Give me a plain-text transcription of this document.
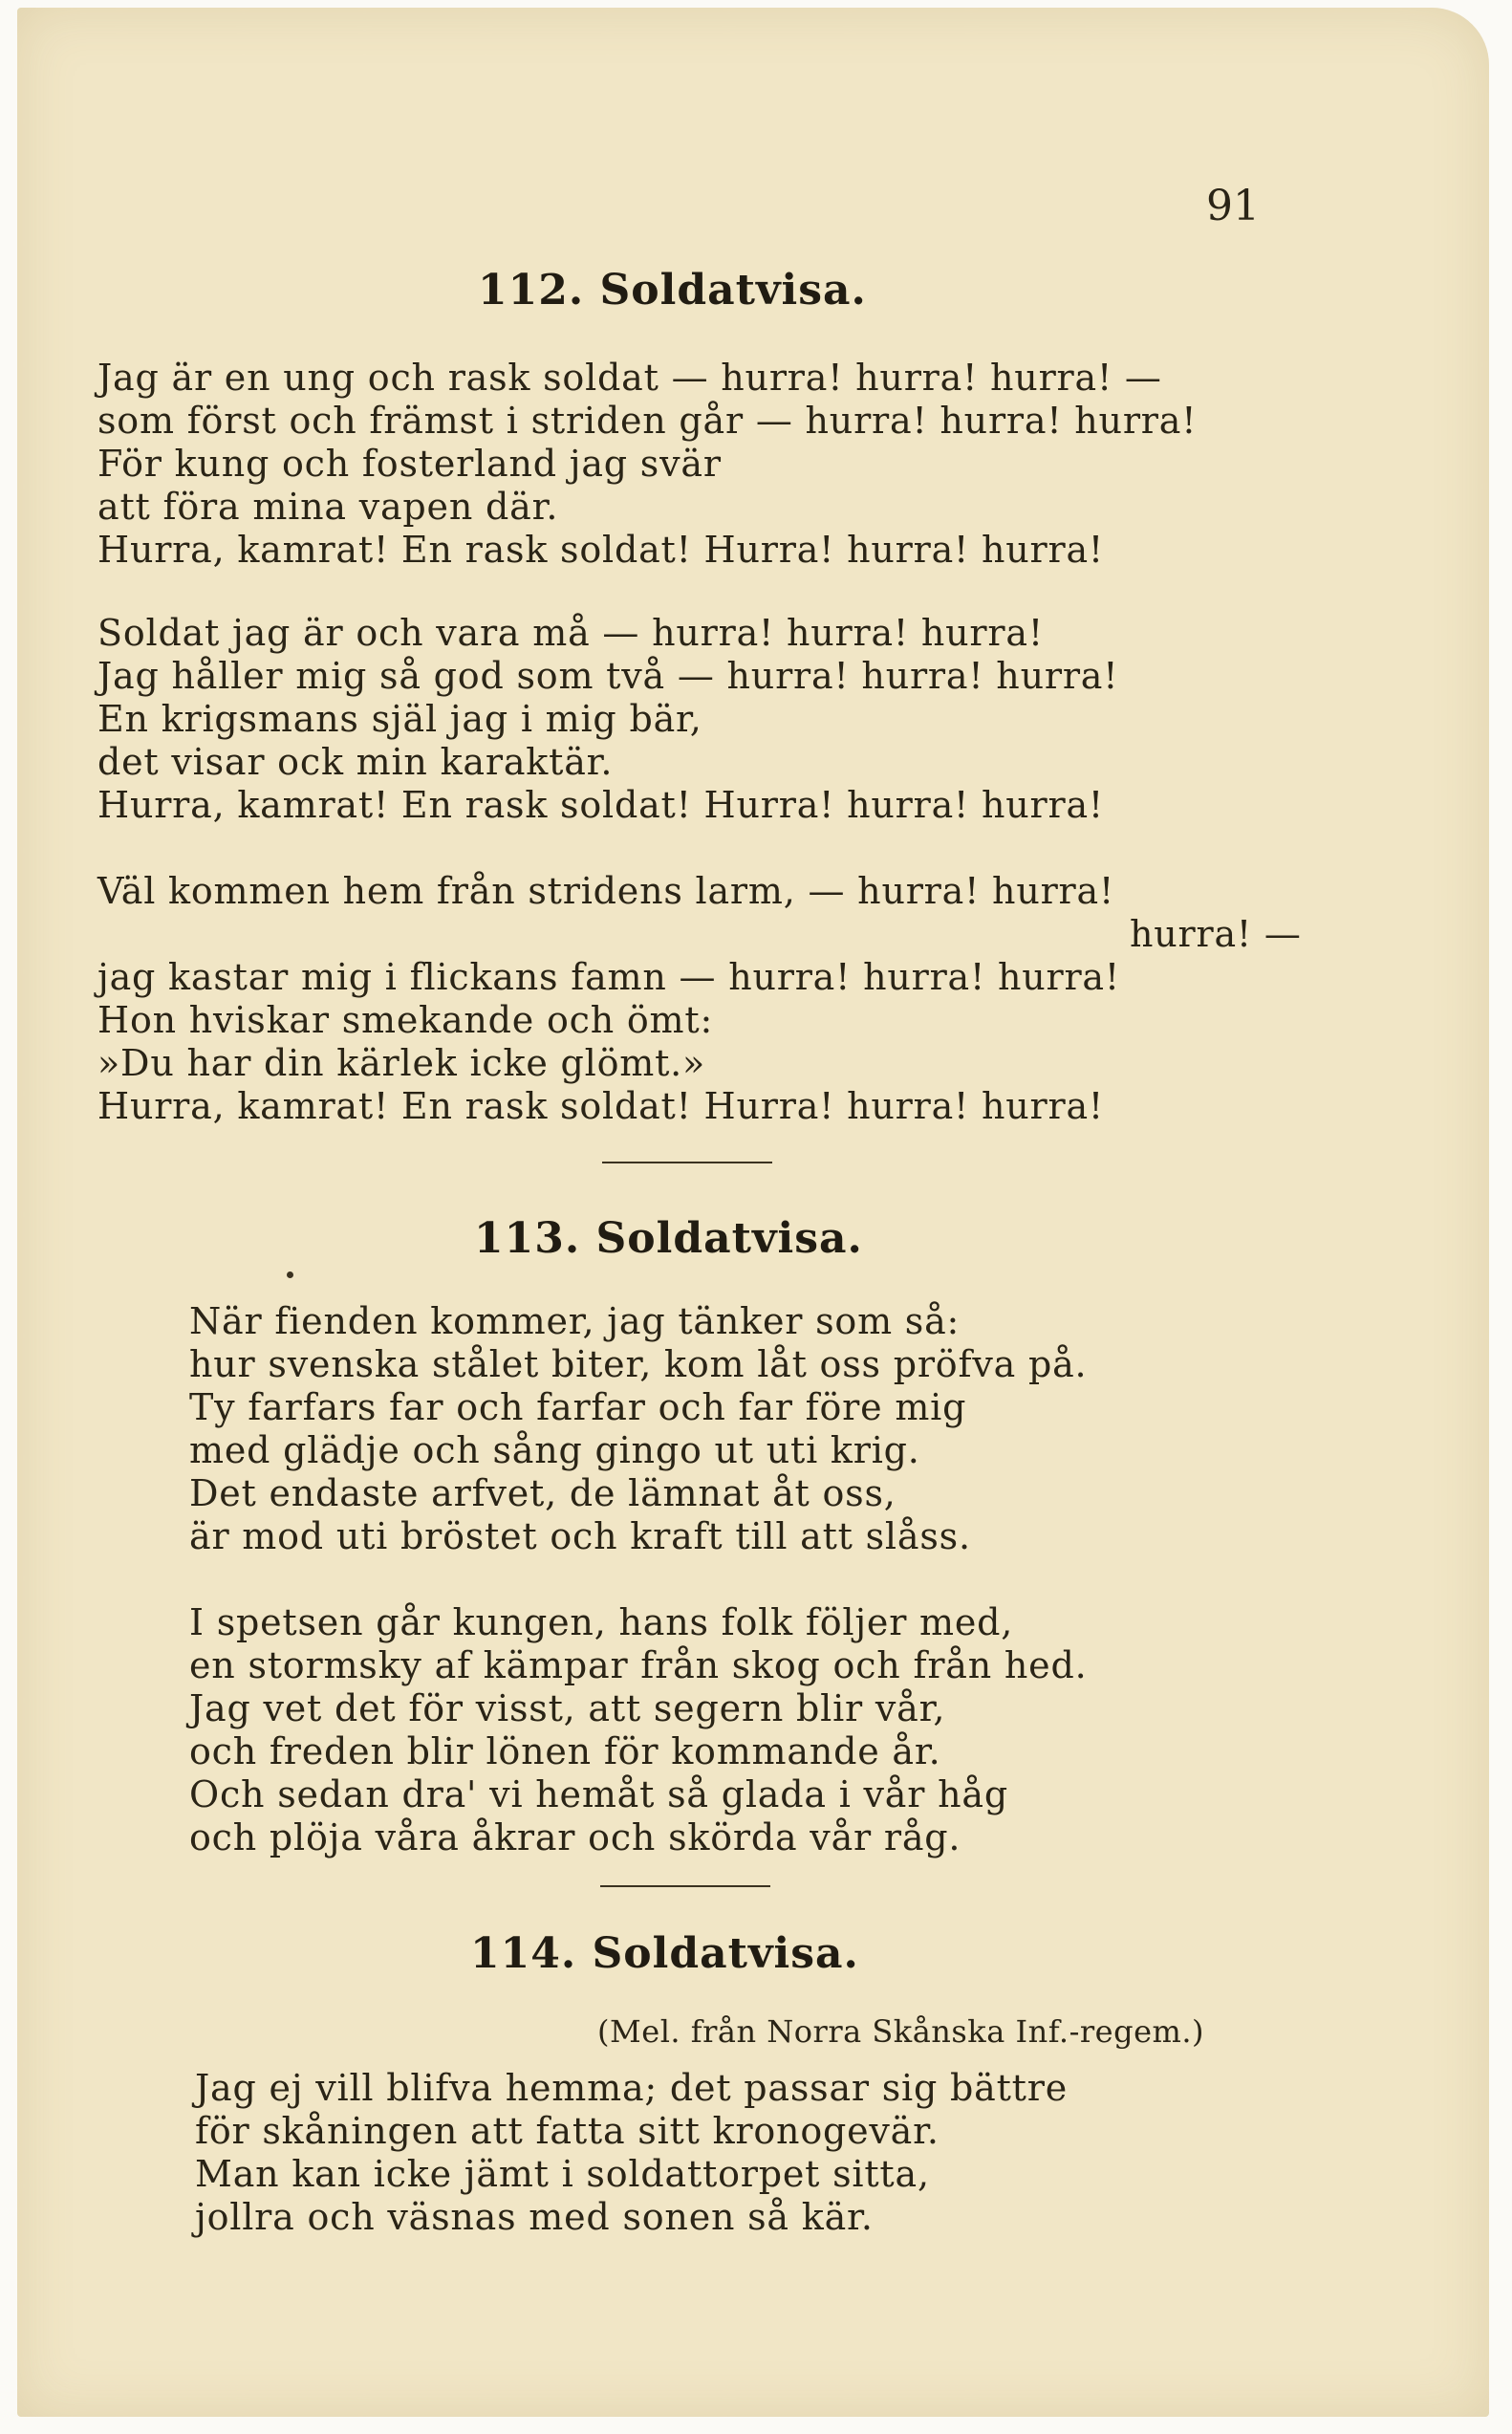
91
112. Soldatvisa.

Jag är en ung och rask soldat — hurra! hurra! hurra! —
som först och främst i striden går — hurra! hurra! hurra!
För kung och fosterland jag svär
att föra mina vapen där.
Hurra, kamrat! En rask soldat! Hurra! hurra! hurra!

Soldat jag är och vara må — hurra! hurra! hurra!
Jag håller mig så god som två — hurra! hurra! hurra!
En krigsmans själ jag i mig bär,
det visar ock min karaktär.
Hurra, kamrat! En rask soldat! Hurra! hurra! hurra!

Väl kommen hem från stridens larm, — hurra! hurra!
hurra! —
jag kastar mig i flickans famn — hurra! hurra! hurra!
Hon hviskar smekande och ömt:
»Du har din kärlek icke glömt.»
Hurra, kamrat! En rask soldat! Hurra! hurra! hurra!

113. Soldatvisa.

När fienden kommer, jag tänker som så:
hur svenska stålet biter, kom låt oss pröfva på.
Ty farfars far och farfar och far före mig
med glädje och sång gingo ut uti krig.
Det endaste arfvet, de lämnat åt oss,
är mod uti bröstet och kraft till att slåss.

I spetsen går kungen, hans folk följer med,
en stormsky af kämpar från skog och från hed.
Jag vet det för visst, att segern blir vår,
och freden blir lönen för kommande år.
Och sedan dra' vi hemåt så glada i vår håg
och plöja våra åkrar och skörda vår råg.

114. Soldatvisa.
(Mel. från Norra Skånska Inf.-regem.)

Jag ej vill blifva hemma; det passar sig bättre
för skåningen att fatta sitt kronogevär.
Man kan icke jämt i soldattorpet sitta,
jollra och väsnas med sonen så kär.
